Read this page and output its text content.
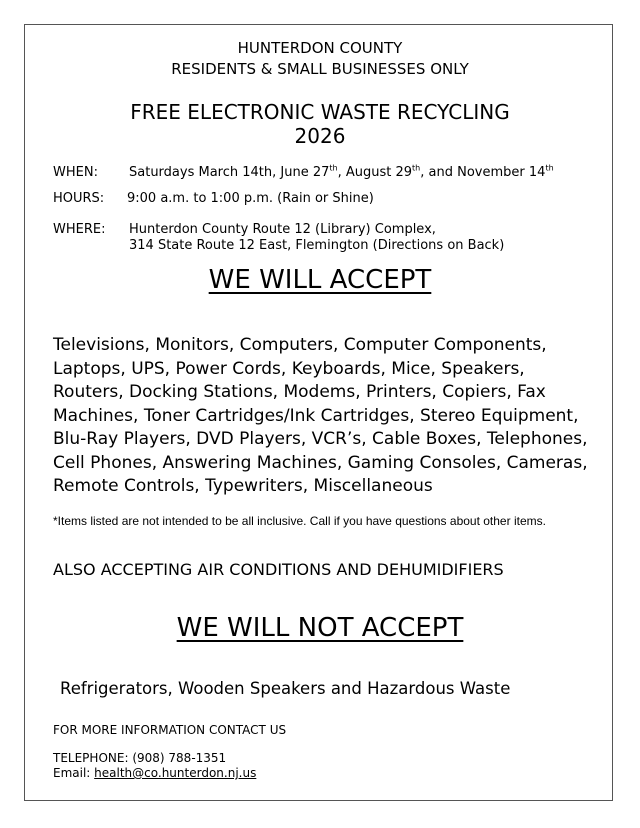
HUNTERDON COUNTY
RESIDENTS & SMALL BUSINESSES ONLY
FREE ELECTRONIC WASTE RECYCLING
2026
WHEN: Saturdays March 14th, June 27th, August 29th, and November 14th
HOURS: 9:00 a.m. to 1:00 p.m. (Rain or Shine)
WHERE: Hunterdon County Route 12 (Library) Complex,
314 State Route 12 East, Flemington (Directions on Back)
WE WILL ACCEPT
Televisions, Monitors, Computers, Computer Components,
Laptops, UPS, Power Cords, Keyboards, Mice, Speakers,
Routers, Docking Stations, Modems, Printers, Copiers, Fax
Machines, Toner Cartridges/Ink Cartridges, Stereo Equipment,
Blu-Ray Players, DVD Players, VCR’s, Cable Boxes, Telephones,
Cell Phones, Answering Machines, Gaming Consoles, Cameras,
Remote Controls, Typewriters, Miscellaneous
*Items listed are not intended to be all inclusive. Call if you have questions about other items.
ALSO ACCEPTING AIR CONDITIONS AND DEHUMIDIFIERS
WE WILL NOT ACCEPT
Refrigerators, Wooden Speakers and Hazardous Waste
FOR MORE INFORMATION CONTACT US
TELEPHONE: (908) 788-1351
Email: health@co.hunterdon.nj.us
